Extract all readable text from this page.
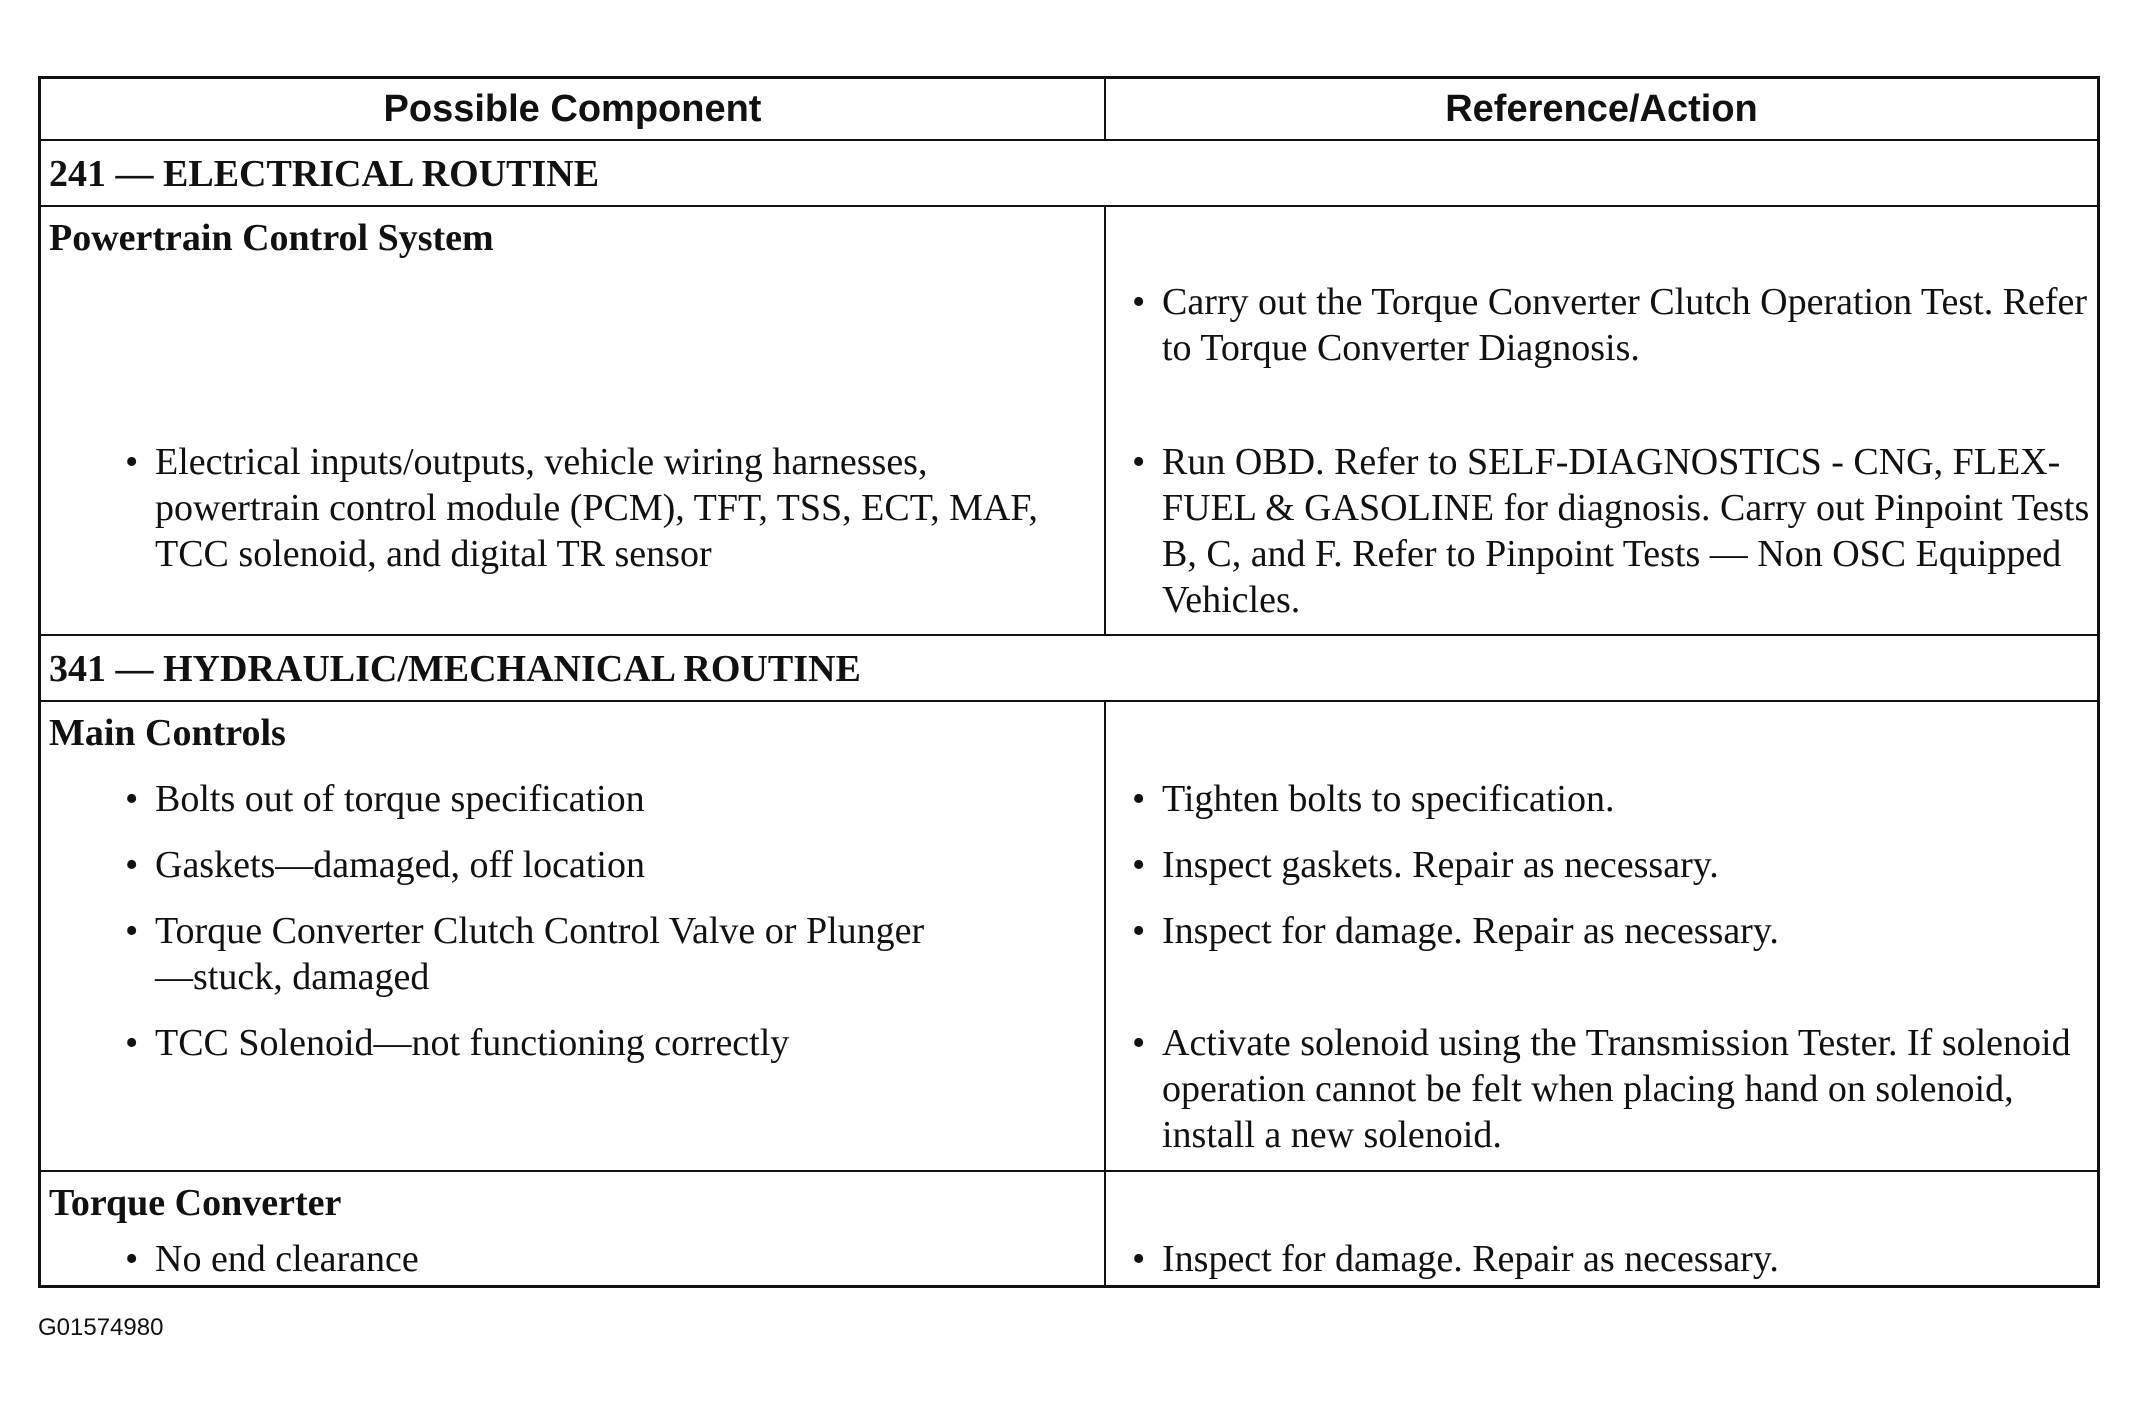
Possible Component	Reference/Action
241 — ELECTRICAL ROUTINE
Powertrain Control System
• Electrical inputs/outputs, vehicle wiring harnesses, powertrain control module (PCM), TFT, TSS, ECT, MAF, TCC solenoid, and digital TR sensor
• Carry out the Torque Converter Clutch Operation Test. Refer to Torque Converter Diagnosis.
• Run OBD. Refer to SELF-DIAGNOSTICS - CNG, FLEX-FUEL & GASOLINE for diagnosis. Carry out Pinpoint Tests B, C, and F. Refer to Pinpoint Tests — Non OSC Equipped Vehicles.
341 — HYDRAULIC/MECHANICAL ROUTINE
Main Controls
• Bolts out of torque specification
• Gaskets—damaged, off location
• Torque Converter Clutch Control Valve or Plunger—stuck, damaged
• TCC Solenoid—not functioning correctly
• Tighten bolts to specification.
• Inspect gaskets. Repair as necessary.
• Inspect for damage. Repair as necessary.
• Activate solenoid using the Transmission Tester. If solenoid operation cannot be felt when placing hand on solenoid, install a new solenoid.
Torque Converter
• No end clearance
•	Inspect for damage. Repair as necessary.
G01574980
